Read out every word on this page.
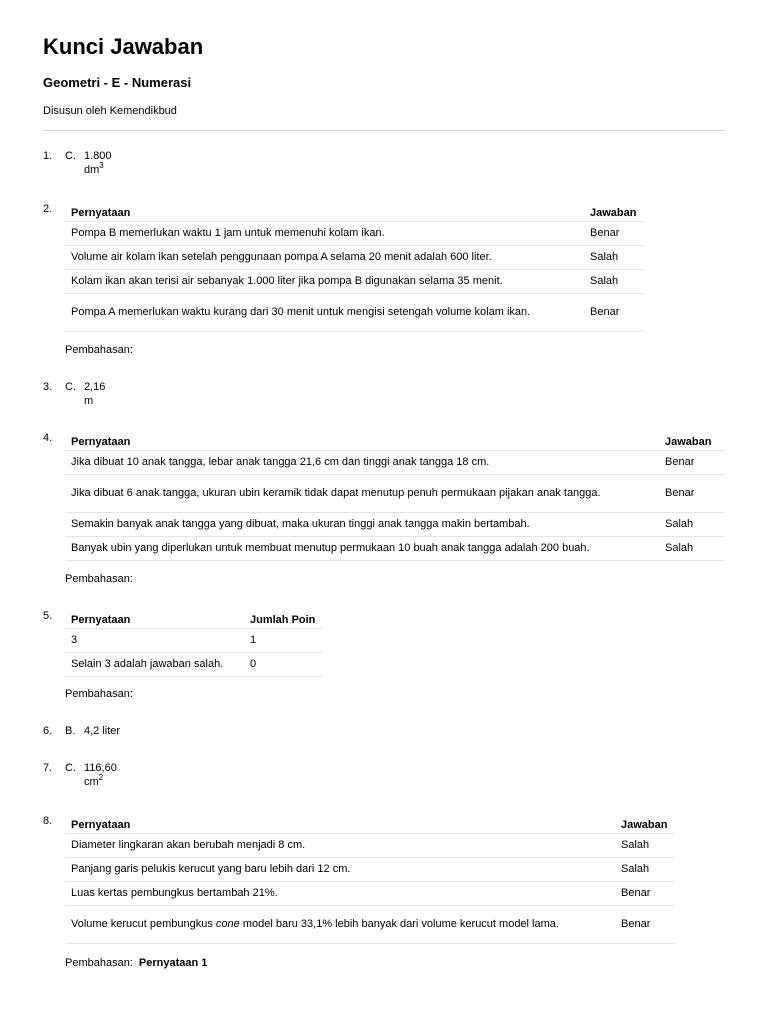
Kunci Jawaban
Geometri - E - Numerasi
Disusun oleh Kemendikbud
1.	C. 1.800
$dm^3$
2.	Pernyataan	Jawaban
Pompa B memerlukan waktu 1 jam untuk memenuhi kolam ikan.	Benar
Volume air kolam ikan setelah penggunaan pompa A selama 20 menit adalah 600 liter.	Salah
Kolam ikan akan terisi air sebanyak 1.000 liter jika pompa B digunakan selama 35 menit.	Salah
Pompa A memerlukan waktu kurang dari 30 menit untuk mengisi setengah volume kolam ikan.	Benar
Pembahasan:
3.	C. 2,16
m
4.	Pernyataan	Jawaban
Jika dibuat 10 anak tangga, lebar anak tangga 21,6 cm dan tinggi anak tangga 18 cm.	Benar
Jika dibuat 6 anak tangga, ukuran ubin keramik tidak dapat menutup penuh permukaan pijakan anak tangga.	Benar
Semakin banyak anak tangga yang dibuat, maka ukuran tinggi anak tangga makin bertambah.	Salah
Banyak ubin yang diperlukan untuk membuat menutup permukaan 10 buah anak tangga adalah 200 buah.	Salah
Pembahasan:
5.	Pernyataan	Jumlah Poin
3	1
Selain 3 adalah jawaban salah.	0
Pembahasan:
6.	B. 4,2 liter
7.	C. 116,60
$cm^2$
8.	Pernyataan	Jawaban
Diameter lingkaran akan berubah menjadi 8 cm.	Salah
Panjang garis pelukis kerucut yang baru lebih dari 12 cm.	Salah
Luas kertas pembungkus bertambah 21%.	Benar
Volume kerucut pembungkus cone model baru 33,1% lebih banyak dari volume kerucut model lama.	Benar
Pembahasan: Pernyataan 1
